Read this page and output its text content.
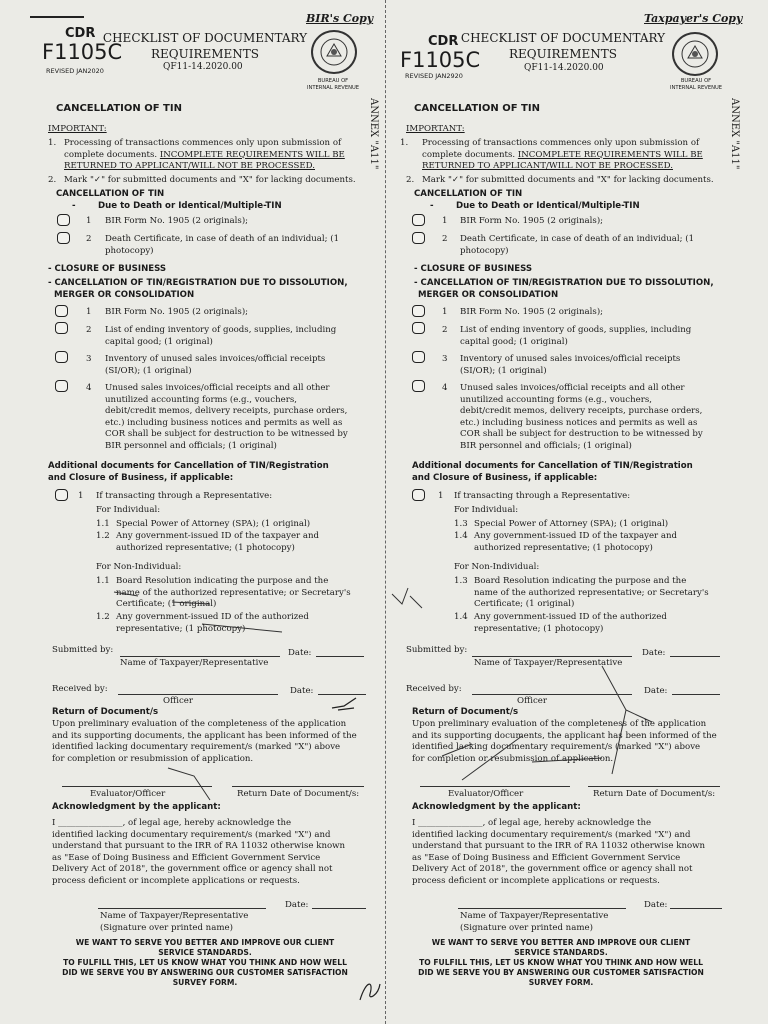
BIR's Copy
CDR
F1105C
REVISED JAN2020
CHECKLIST OF DOCUMENTARY
REQUIREMENTS
QF11-14.2020.00
BUREAU OF
INTERNAL REVENUE
ANNEX "A11"
CANCELLATION OF TIN
IMPORTANT:
1. Processing of transactions commences only upon submission of
complete documents. INCOMPLETE REQUIREMENTS WILL BE
RETURNED TO APPLICANT/WILL NOT BE PROCESSED.
2. Mark "✓" for submitted documents and "X" for lacking documents.
CANCELLATION OF TIN
-	Due to Death or Identical/Multiple-TIN
1 BIR Form No. 1905 (2 originals);
2 Death Certificate, in case of death of an individual; (1
photocopy)
- CLOSURE OF BUSINESS
- CANCELLATION OF TIN/REGISTRATION DUE TO DISSOLUTION,
MERGER OR CONSOLIDATION
1 BIR Form No. 1905 (2 originals);
2 List of ending inventory of goods, supplies, including
capital good; (1 original)
3 Inventory of unused sales invoices/official receipts
(SI/OR); (1 original)
4 Unused sales invoices/official receipts and all other
unutilized accounting forms (e.g., vouchers,
debit/credit memos, delivery receipts, purchase orders,
etc.) including business notices and permits as well as
COR shall be subject for destruction to be witnessed by
BIR personnel and officials; (1 original)
Additional documents for Cancellation of TIN/Registration
and Closure of Business, if applicable:
1 If transacting through a Representative:
For Individual:
1.1 Special Power of Attorney (SPA); (1 original)
1.2 Any government-issued ID of the taxpayer and
authorized representative; (1 photocopy)
For Non-Individual:
1.1 Board Resolution indicating the purpose and the
name of the authorized representative; or Secretary's
Certificate; (1 original)
1.2 Any government-issued ID of the authorized
representative; (1 photocopy)
Submitted by:	Date:
Name of Taxpayer/Representative
Received by:	Date:
Officer
Return of Document/s
Upon preliminary evaluation of the completeness of the application
and its supporting documents, the applicant has been informed of the
identified lacking documentary requirement/s (marked "X") above
for completion or resubmission of application.
Evaluator/Officer	Return Date of Document/s:
Acknowledgment by the applicant:
I _______________, of legal age, hereby acknowledge the
identified lacking documentary requirement/s (marked "X") and
understand that pursuant to the IRR of RA 11032 otherwise known
as "Ease of Doing Business and Efficient Government Service
Delivery Act of 2018", the government office or agency shall not
process deficient or incomplete applications or requests.
Date:
Name of Taxpayer/Representative
(Signature over printed name)
WE WANT TO SERVE YOU BETTER AND IMPROVE OUR CLIENT
SERVICE STANDARDS.
TO FULFILL THIS, LET US KNOW WHAT YOU THINK AND HOW WELL
DID WE SERVE YOU BY ANSWERING OUR CUSTOMER SATISFACTION
SURVEY FORM.
Taxpayer's Copy
CDR
F1105C
REVISED JAN2920
CHECKLIST OF DOCUMENTARY
REQUIREMENTS
QF11-14.2020.00
BUREAU OF
INTERNAL REVENUE
ANNEX "A11"
CANCELLATION OF TIN
IMPORTANT:
1. Processing of transactions commences only upon submission of
complete documents. INCOMPLETE REQUIREMENTS WILL BE
RETURNED TO APPLICANT/WILL NOT BE PROCESSED.
2. Mark "✓" for submitted documents and "X" for lacking documents.
CANCELLATION OF TIN
-	Due to Death or Identical/Multiple-TIN
1 BIR Form No. 1905 (2 originals);
2 Death Certificate, in case of death of an individual; (1
photocopy)
- CLOSURE OF BUSINESS
- CANCELLATION OF TIN/REGISTRATION DUE TO DISSOLUTION,
MERGER OR CONSOLIDATION
1 BIR Form No. 1905 (2 originals);
2 List of ending inventory of goods, supplies, including
capital good; (1 original)
3 Inventory of unused sales invoices/official receipts
(SI/OR); (1 original)
4 Unused sales invoices/official receipts and all other
unutilized accounting forms (e.g., vouchers,
debit/credit memos, delivery receipts, purchase orders,
etc.) including business notices and permits as well as
COR shall be subject for destruction to be witnessed by
BIR personnel and officials; (1 original)
Additional documents for Cancellation of TIN/Registration
and Closure of Business, if applicable:
1 If transacting through a Representative:
For Individual:
1.3 Special Power of Attorney (SPA); (1 original)
1.4 Any government-issued ID of the taxpayer and
authorized representative; (1 photocopy)
For Non-Individual:
1.3 Board Resolution indicating the purpose and the
name of the authorized representative; or Secretary's
Certificate; (1 original)
1.4 Any government-issued ID of the authorized
representative; (1 photocopy)
Submitted by:	Date:
Name of Taxpayer/Representative
Received by:	Date:
Officer
Return of Document/s
Upon preliminary evaluation of the completeness of the application
and its supporting documents, the applicant has been informed of the
identified lacking documentary requirement/s (marked "X") above
for completion or resubmission of application.
Evaluator/Officer	Return Date of Document/s:
Acknowledgment by the applicant:
I _______________, of legal age, hereby acknowledge the
identified lacking documentary requirement/s (marked "X") and
understand that pursuant to the IRR of RA 11032 otherwise known
as "Ease of Doing Business and Efficient Government Service
Delivery Act of 2018", the government office or agency shall not
process deficient or incomplete applications or requests.
Date:
Name of Taxpayer/Representative
(Signature over printed name)
WE WANT TO SERVE YOU BETTER AND IMPROVE OUR CLIENT
SERVICE STANDARDS.
TO FULFILL THIS, LET US KNOW WHAT YOU THINK AND HOW WELL
DID WE SERVE YOU BY ANSWERING OUR CUSTOMER SATISFACTION
SURVEY FORM.
